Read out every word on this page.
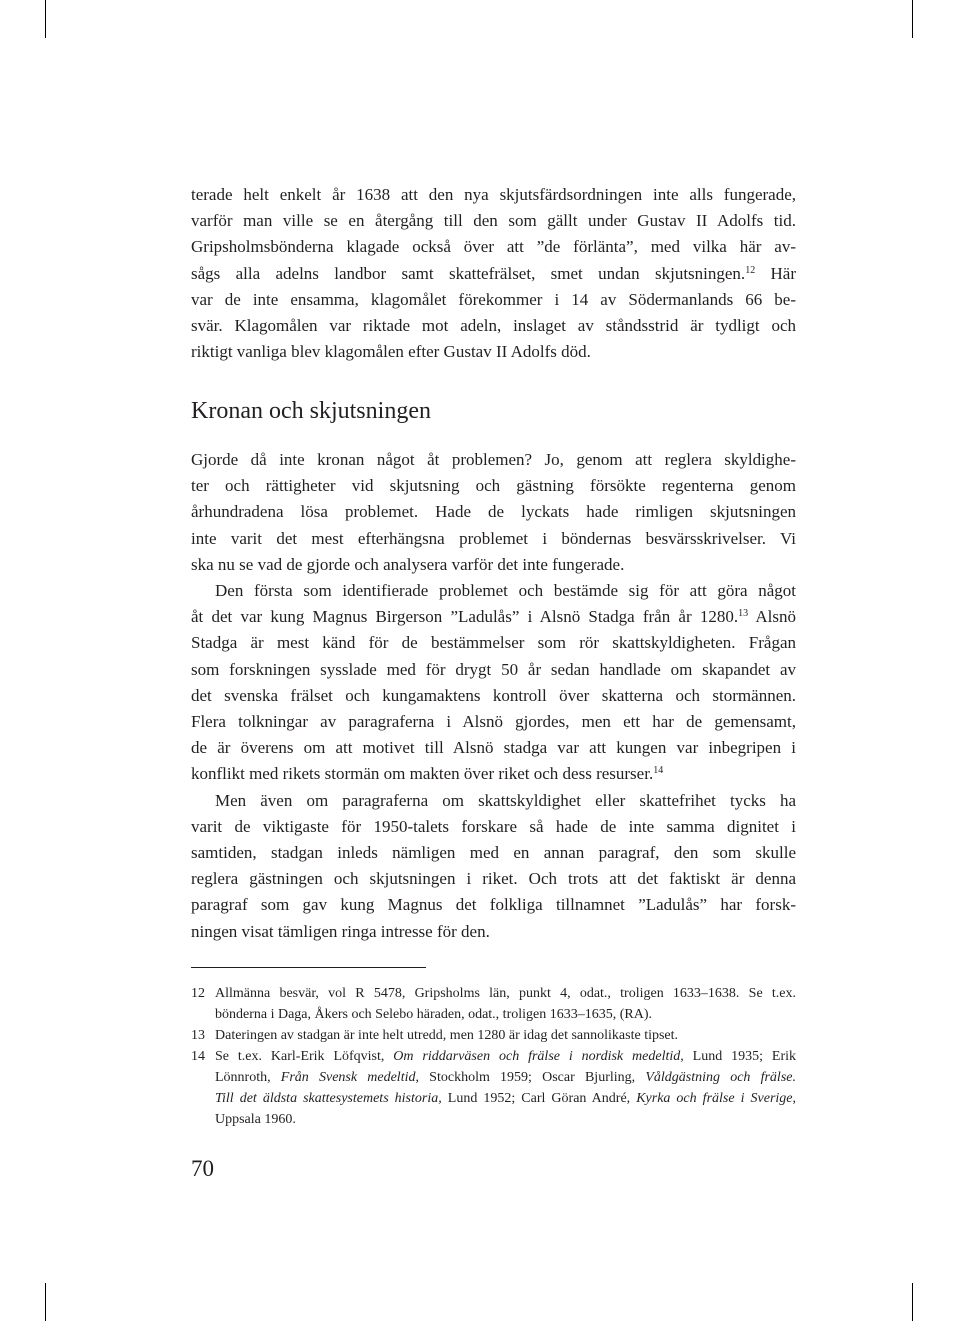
terade helt enkelt år 1638 att den nya skjutsfärdsordningen inte alls fungerade,
varför man ville se en återgång till den som gällt under Gustav II Adolfs tid.
Gripsholmsbönderna klagade också över att ”de förlänta”, med vilka här av-
sågs alla adelns landbor samt skattefrälset, smet undan skjutsningen.$^{12}$ Här
var de inte ensamma, klagomålet förekommer i 14 av Södermanlands 66 be-
svär. Klagomålen var riktade mot adeln, inslaget av ståndsstrid är tydligt och
riktigt vanliga blev klagomålen efter Gustav II Adolfs död.
Kronan och skjutsningen
Gjorde då inte kronan något åt problemen? Jo, genom att reglera skyldighe-
ter och rättigheter vid skjutsning och gästning försökte regenterna genom
århundradena lösa problemet. Hade de lyckats hade rimligen skjutsningen
inte varit det mest efterhängsna problemet i böndernas besvärsskrivelser. Vi
ska nu se vad de gjorde och analysera varför det inte fungerade.
Den första som identifierade problemet och bestämde sig för att göra något
åt det var kung Magnus Birgerson ”Ladulås” i Alsnö Stadga från år 1280.13 Alsnö
Stadga är mest känd för de bestämmelser som rör skattskyldigheten. Frågan
som forskningen sysslade med för drygt 50 år sedan handlade om skapandet av
det svenska frälset och kungamaktens kontroll över skatterna och stormännen.
Flera tolkningar av paragraferna i Alsnö gjordes, men ett har de gemensamt,
de är överens om att motivet till Alsnö stadga var att kungen var inbegripen i
konflikt med rikets stormän om makten över riket och dess resurser.$^{14}$
Men även om paragraferna om skattskyldighet eller skattefrihet tycks ha
varit de viktigaste för 1950-talets forskare så hade de inte samma dignitet i
samtiden, stadgan inleds nämligen med en annan paragraf, den som skulle
reglera gästningen och skjutsningen i riket. Och trots att det faktiskt är denna
paragraf som gav kung Magnus det folkliga tillnamnet ”Ladulås” har forsk-
ningen visat tämligen ringa intresse för den.
12 Allmänna besvär, vol R 5478, Gripsholms län, punkt 4, odat., troligen 1633–1638. Se t.ex.
bönderna i Daga, Åkers och Selebo häraden, odat., troligen 1633–1635, (RA).
13 Dateringen av stadgan är inte helt utredd, men 1280 är idag det sannolikaste tipset.
14 Se t.ex. Karl-Erik Löfqvist, Om riddarväsen och frälse i nordisk medeltid, Lund 1935; Erik
Lönnroth, Från Svensk medeltid, Stockholm 1959; Oscar Bjurling, Våldgästning och frälse.
Till det äldsta skattesystemets historia, Lund 1952; Carl Göran André, Kyrka och frälse i Sverige,
Uppsala 1960.
70
